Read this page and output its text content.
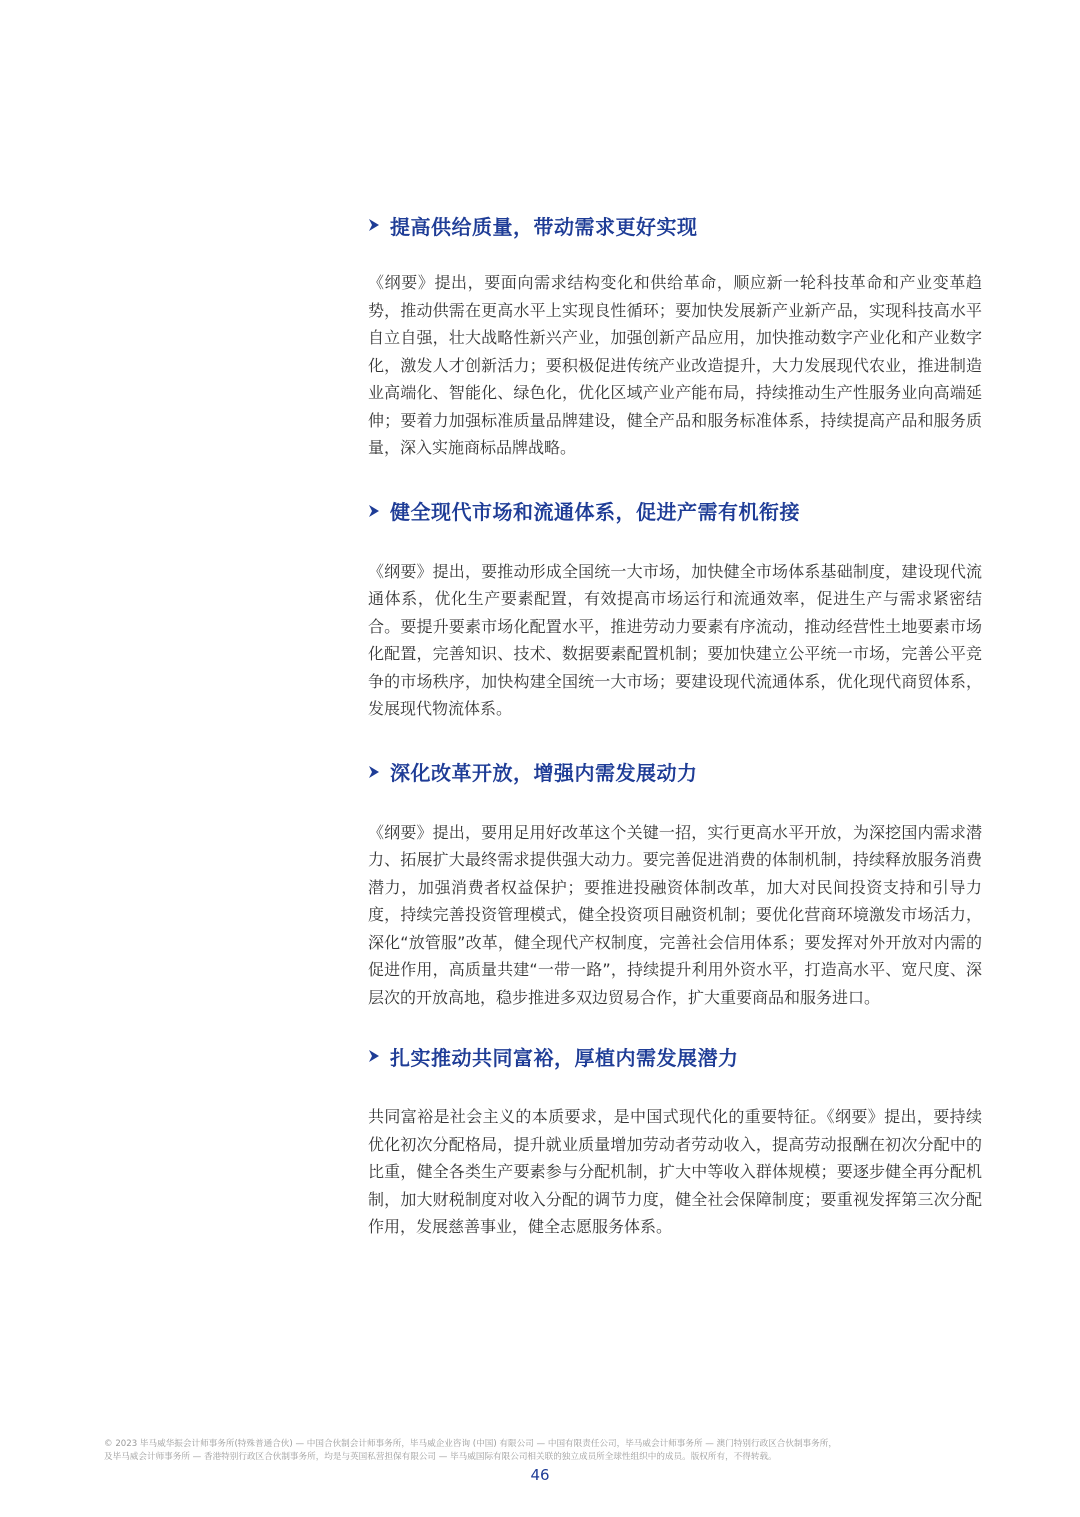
提高供给质量，带动需求更好实现

《纲要》提出，要面向需求结构变化和供给革命，顺应新一轮科技革命和产业变革趋势，推动供需在更高水平上实现良性循环；要加快发展新产业新产品，实现科技高水平自立自强，壮大战略性新兴产业，加强创新产品应用，加快推动数字产业化和产业数字化，激发人才创新活力；要积极促进传统产业改造提升，大力发展现代农业，推进制造业高端化、智能化、绿色化，优化区域产业产能布局，持续推动生产性服务业向高端延伸；要着力加强标准质量品牌建设，健全产品和服务标准体系，持续提高产品和服务质量，深入实施商标品牌战略。

健全现代市场和流通体系，促进产需有机衔接

《纲要》提出，要推动形成全国统一大市场，加快健全市场体系基础制度，建设现代流通体系，优化生产要素配置，有效提高市场运行和流通效率，促进生产与需求紧密结合。要提升要素市场化配置水平，推进劳动力要素有序流动，推动经营性土地要素市场化配置，完善知识、技术、数据要素配置机制；要加快建立公平统一市场，完善公平竞争的市场秩序，加快构建全国统一大市场；要建设现代流通体系，优化现代商贸体系，发展现代物流体系。

深化改革开放，增强内需发展动力

《纲要》提出，要用足用好改革这个关键一招，实行更高水平开放，为深挖国内需求潜力、拓展扩大最终需求提供强大动力。要完善促进消费的体制机制，持续释放服务消费潜力，加强消费者权益保护；要推进投融资体制改革，加大对民间投资支持和引导力度，持续完善投资管理模式，健全投资项目融资机制；要优化营商环境激发市场活力，深化“放管服”改革，健全现代产权制度，完善社会信用体系；要发挥对外开放对内需的促进作用，高质量共建“一带一路”，持续提升利用外资水平，打造高水平、宽尺度、深层次的开放高地，稳步推进多双边贸易合作，扩大重要商品和服务进口。

扎实推动共同富裕，厚植内需发展潜力

共同富裕是社会主义的本质要求，是中国式现代化的重要特征。《纲要》提出，要持续优化初次分配格局，提升就业质量增加劳动者劳动收入，提高劳动报酬在初次分配中的比重，健全各类生产要素参与分配机制，扩大中等收入群体规模；要逐步健全再分配机制，加大财税制度对收入分配的调节力度，健全社会保障制度；要重视发挥第三次分配作用，发展慈善事业，健全志愿服务体系。

© 2023 毕马威华振会计师事务所(特殊普通合伙) — 中国合伙制会计师事务所，毕马威企业咨询 (中国) 有限公司 — 中国有限责任公司，毕马威会计师事务所 — 澳门特别行政区合伙制事务所，
及毕马威会计师事务所 — 香港特别行政区合伙制事务所，均是与英国私营担保有限公司 — 毕马威国际有限公司相关联的独立成员所全球性组织中的成员。版权所有，不得转载。
46
